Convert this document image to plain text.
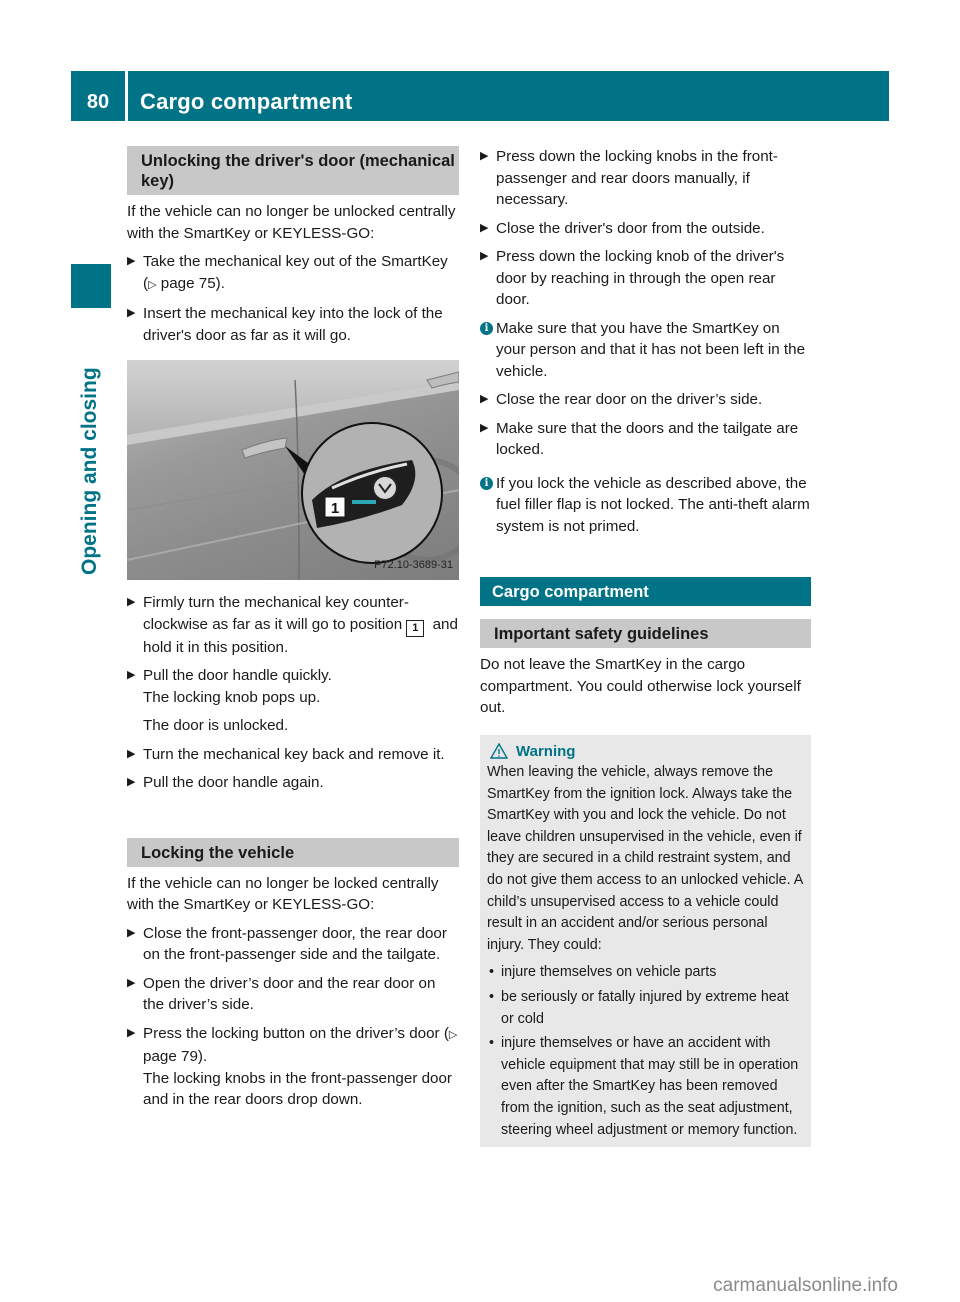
80 Cargo compartment
Opening and closing
Unlocking the driver's door (mechanical key)

If the vehicle can no longer be unlocked centrally with the SmartKey or KEYLESS-GO:

▶ Take the mechanical key out of the SmartKey (▷ page 75).
▶ Insert the mechanical key into the lock of the driver's door as far as it will go.
1
P72.10-3689-31
▶ Firmly turn the mechanical key counter-clockwise as far as it will go to position 1 and hold it in this position.
▶ Pull the door handle quickly.
The locking knob pops up.
The door is unlocked.
▶ Turn the mechanical key back and remove it.
▶ Pull the door handle again.
Locking the vehicle

If the vehicle can no longer be locked centrally with the SmartKey or KEYLESS-GO:

▶ Close the front-passenger door, the rear door on the front-passenger side and the tailgate.
▶ Open the driver’s door and the rear door on the driver’s side.
▶ Press the locking button on the driver’s door (▷ page 79).
The locking knobs in the front-passenger door and in the rear doors drop down.
▶ Press down the locking knobs in the front-passenger and rear doors manually, if necessary.
▶ Close the driver's door from the outside.
▶ Press down the locking knob of the driver's door by reaching in through the open rear door.
i Make sure that you have the SmartKey on your person and that it has not been left in the vehicle.
▶ Close the rear door on the driver’s side.
▶ Make sure that the doors and the tailgate are locked.
i If you lock the vehicle as described above, the fuel filler flap is not locked. The anti-theft alarm system is not primed.
Cargo compartment
Important safety guidelines

Do not leave the SmartKey in the cargo compartment. You could otherwise lock yourself out.

Warning
When leaving the vehicle, always remove the SmartKey from the ignition lock. Always take the SmartKey with you and lock the vehicle. Do not leave children unsupervised in the vehicle, even if they are secured in a child restraint system, and do not give them access to an unlocked vehicle. A child’s unsupervised access to a vehicle could result in an accident and/or serious personal injury. They could:
• injure themselves on vehicle parts
• be seriously or fatally injured by extreme heat or cold
• injure themselves or have an accident with vehicle equipment that may still be in operation even after the SmartKey has been removed from the ignition, such as the seat adjustment, steering wheel adjustment or memory function.
carmanualsonline.info
